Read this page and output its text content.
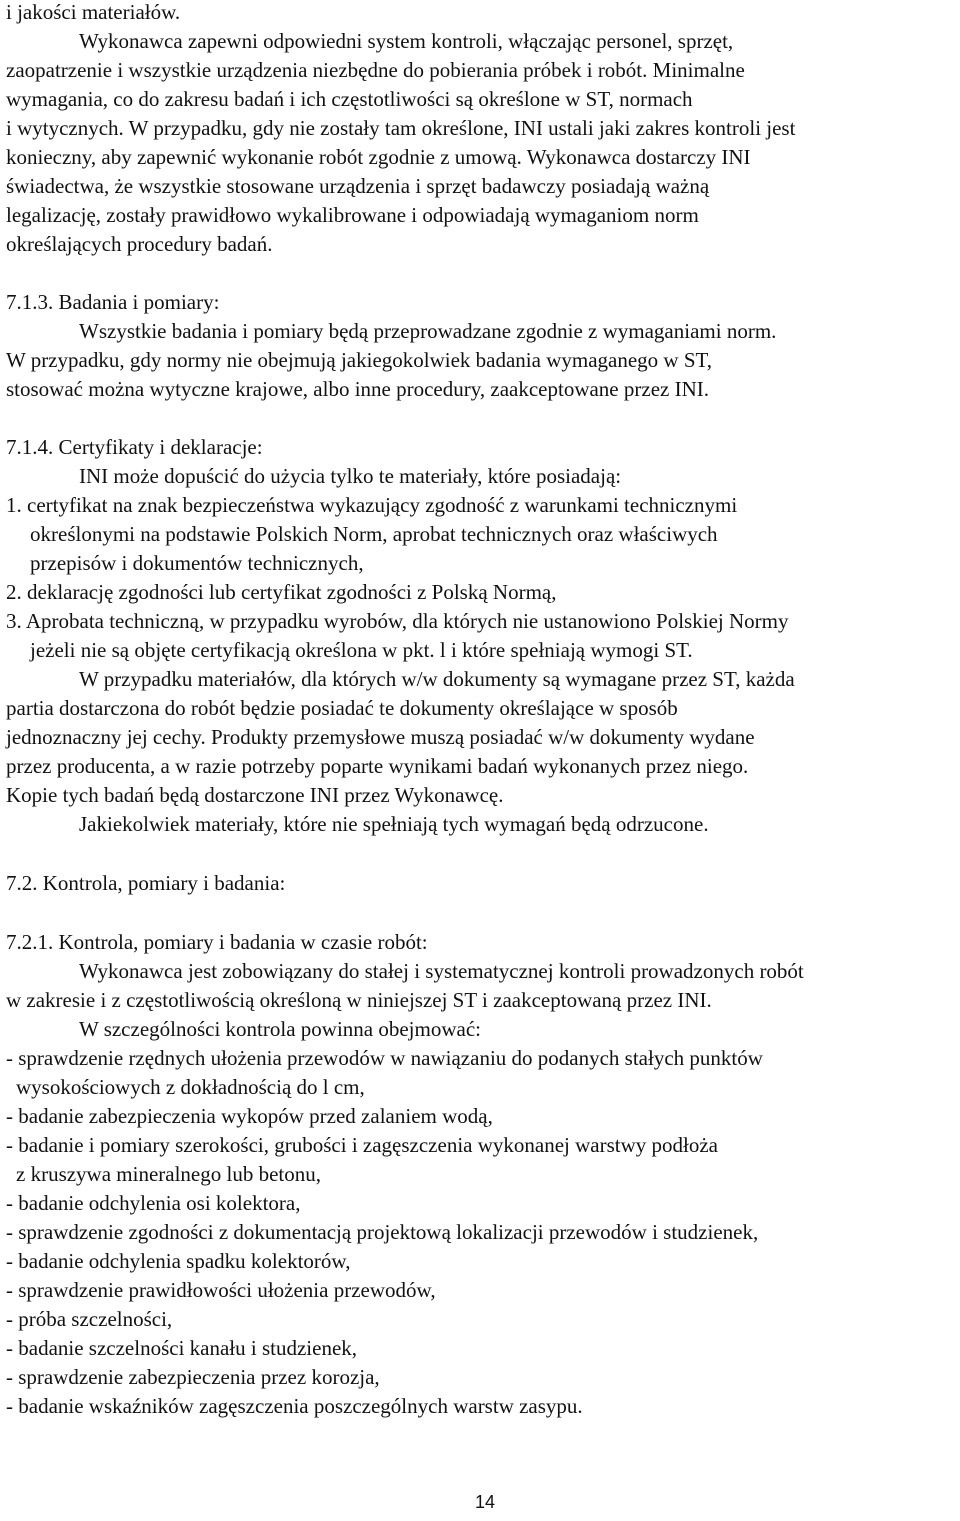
i jakości materiałów.
Wykonawca zapewni odpowiedni system kontroli, włączając personel, sprzęt,
zaopatrzenie i wszystkie urządzenia niezbędne do pobierania próbek i robót. Minimalne
wymagania, co do zakresu badań i ich częstotliwości są określone w ST, normach
i wytycznych. W przypadku, gdy nie zostały tam określone, INI ustali jaki zakres kontroli jest
konieczny, aby zapewnić wykonanie robót zgodnie z umową. Wykonawca dostarczy INI
świadectwa, że wszystkie stosowane urządzenia i sprzęt badawczy posiadają ważną
legalizację, zostały prawidłowo wykalibrowane i odpowiadają wymaganiom norm
określających procedury badań.
7.1.3. Badania i pomiary:
Wszystkie badania i pomiary będą przeprowadzane zgodnie z wymaganiami norm.
W przypadku, gdy normy nie obejmują jakiegokolwiek badania wymaganego w ST,
stosować można wytyczne krajowe, albo inne procedury, zaakceptowane przez INI.
7.1.4. Certyfikaty i deklaracje:
INI może dopuścić do użycia tylko te materiały, które posiadają:
1. certyfikat na znak bezpieczeństwa wykazujący zgodność z warunkami technicznymi
określonymi na podstawie Polskich Norm, aprobat technicznych oraz właściwych
przepisów i dokumentów technicznych,
2. deklarację zgodności lub certyfikat zgodności z Polską Normą,
3. Aprobata techniczną, w przypadku wyrobów, dla których nie ustanowiono Polskiej Normy
jeżeli nie są objęte certyfikacją określona w pkt. l i które spełniają wymogi ST.
W przypadku materiałów, dla których w/w dokumenty są wymagane przez ST, każda
partia dostarczona do robót będzie posiadać te dokumenty określające w sposób
jednoznaczny jej cechy. Produkty przemysłowe muszą posiadać w/w dokumenty wydane
przez producenta, a w razie potrzeby poparte wynikami badań wykonanych przez niego.
Kopie tych badań będą dostarczone INI przez Wykonawcę.
Jakiekolwiek materiały, które nie spełniają tych wymagań będą odrzucone.
7.2. Kontrola, pomiary i badania:
7.2.1. Kontrola, pomiary i badania w czasie robót:
Wykonawca jest zobowiązany do stałej i systematycznej kontroli prowadzonych robót
w zakresie i z częstotliwością określoną w niniejszej ST i zaakceptowaną przez INI.
W szczególności kontrola powinna obejmować:
- sprawdzenie rzędnych ułożenia przewodów w nawiązaniu do podanych stałych punktów
wysokościowych z dokładnością do l cm,
- badanie zabezpieczenia wykopów przed zalaniem wodą,
- badanie i pomiary szerokości, grubości i zagęszczenia wykonanej warstwy podłoża
z kruszywa mineralnego lub betonu,
- badanie odchylenia osi kolektora,
- sprawdzenie zgodności z dokumentacją projektową lokalizacji przewodów i studzienek,
- badanie odchylenia spadku kolektorów,
- sprawdzenie prawidłowości ułożenia przewodów,
- próba szczelności,
- badanie szczelności kanału i studzienek,
- sprawdzenie zabezpieczenia przez korozja,
- badanie wskaźników zagęszczenia poszczególnych warstw zasypu.
14
